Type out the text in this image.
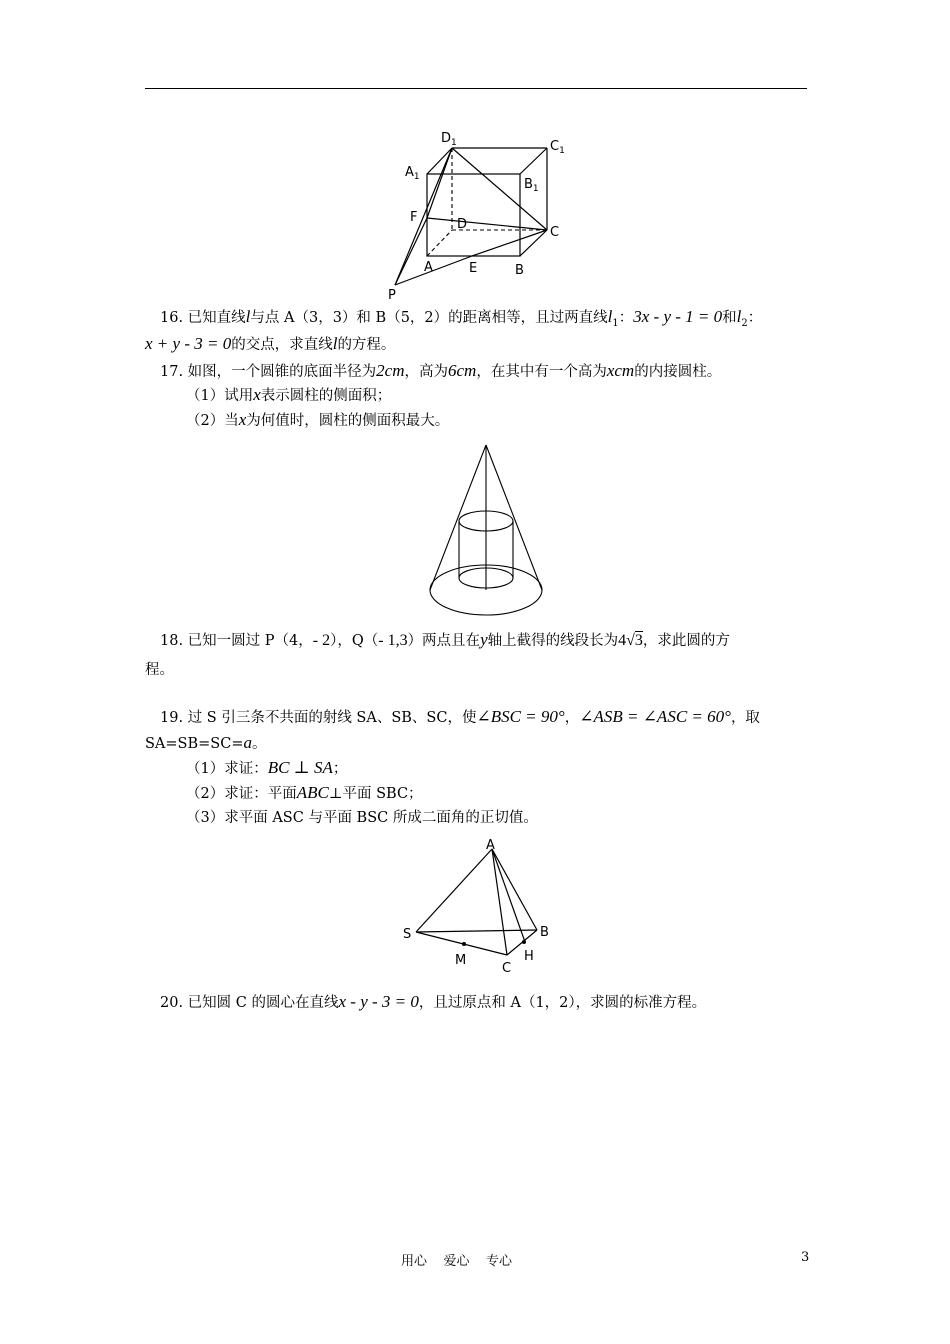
$D_1$	$C_1$
$A_1$	$B_1$
F	D
C
A	E	B
P
16. 已知直线l与点 A（3，3）和 B（5，2）的距离相等，且过两直线$l_1$：3x - y - 1 = 0和$l_2$：
x + y - 3 = 0的交点，求直线l的方程。
17. 如图，一个圆锥的底面半径为2cm，高为6cm，在其中有一个高为xcm的内接圆柱。
（1）试用x表示圆柱的侧面积；
（2）当x为何值时，圆柱的侧面积最大。
18. 已知一圆过 P（4，- 2），Q（- 1,3）两点且在y轴上截得的线段长为4√3，求此圆的方
程。
19. 过 S 引三条不共面的射线 SA、SB、SC，使∠BSC = 90°，∠ASB = ∠ASC = 60°，取
SA=SB=SC=a。
（1）求证：BC ⊥ SA；
（2）求证：平面ABC⊥平面 SBC；
（3）求平面 ASC 与平面 BSC 所成二面角的正切值。
A
S	B
M
C
H
20. 已知圆 C 的圆心在直线x - y - 3 = 0，且过原点和 A（1，2），求圆的标准方程。
用心    爱心    专心	3
